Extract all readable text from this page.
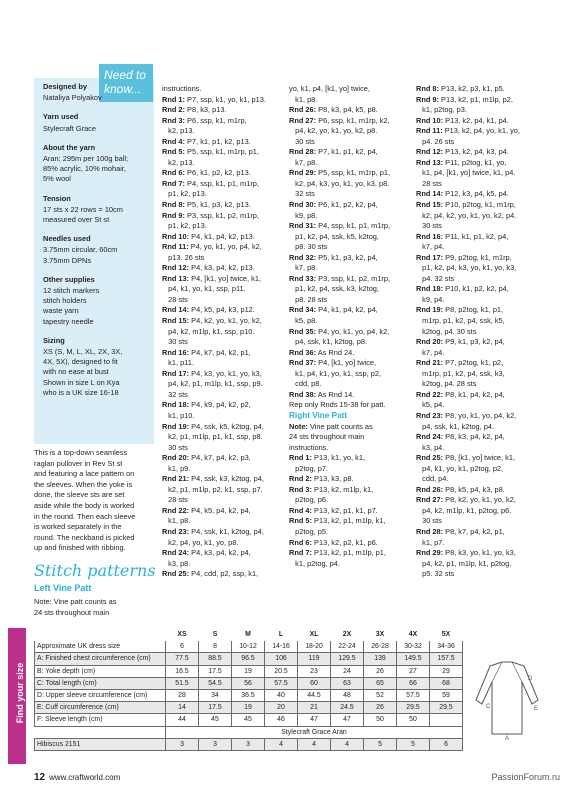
Need to
know...
Designed by

Nataliya Polyakov

Yarn used

Stylecraft Grace

About the yarn

Aran; 295m per 100g ball;
85% acrylic, 10% mohair,
5% wool

Tension

17 sts x 22 rows = 10cm
measured over St st

Needles used

3.75mm circular, 60cm
3.75mm DPNs

Other supplies

12 stitch markers
stitch holders
waste yarn
tapestry needle

Sizing

XS (S, M, L, XL, 2X, 3X,
4X, 5X), designed to fit
with no ease at bust
Shown in size L on Kya
who is a UK size 16-18

This is a top-down seamless
raglan pullover in Rev St st
and featuring a lace pattern on
the sleeves. When the yoke is
done, the sleeve sts are set
aside while the body is worked
in the round. Then each sleeve
is worked separately in the
round. The neckband is picked
up and finished with ribbing.
Stitch patterns
Left Vine Patt
Note: Vine patt counts as
24 sts throughout main
instructions.
Rnd 1: P7, ssp, k1, yo, k1, p13.
Rnd 2: P8, k3, p13.
Rnd 3: P6, ssp, k1, m1rp,
k2, p13.
Rnd 4: P7, k1, p1, k2, p13.
Rnd 5: P5, ssp, k1, m1rp, p1,
k2, p13.
Rnd 6: P6, k1, p2, k2, p13.
Rnd 7: P4, ssp, k1, p1, m1rp,
p1, k2, p13.
Rnd 8: P5, k1, p3, k2, p13.
Rnd 9: P3, ssp, k1, p2, m1rp,
p1, k2, p13.
Rnd 10: P4, k1, p4, k2, p13.
Rnd 11: P4, yo, k1, yo, p4, k2,
p13. 26 sts
Rnd 12: P4, k3, p4, k2, p13.
Rnd 13: P4, [k1, yo] twice, k1,
p4, k1, yo, k1, ssp, p11.
28 sts
Rnd 14: P4, k5, p4, k3, p12.
Rnd 15: P4, k2, yo, k1, yo, k2,
p4, k2, m1lp, k1, ssp, p10.
30 sts
Rnd 16: P4, k7, p4, k2, p1,
k1, p11.
Rnd 17: P4, k3, yo, k1, yo, k3,
p4, k2, p1, m1lp, k1, ssp, p9.
32 sts
Rnd 18: P4, k9, p4, k2, p2,
k1, p10.
Rnd 19: P4, ssk, k5, k2tog, p4,
k2, p1, m1lp, p1, k1, ssp, p8.
30 sts
Rnd 20: P4, k7, p4, k2, p3,
k1, p9.
Rnd 21: P4, ssk, k3, k2tog, p4,
k2, p1, m1lp, p2, k1, ssp, p7.
28 sts
Rnd 22: P4, k5, p4, k2, p4,
k1, p8.
Rnd 23: P4, ssk, k1, k2tog, p4,
k2, p4, yo, k1, yo, p8.
Rnd 24: P4, k3, p4, k2, p4,
k3, p8.
Rnd 25: P4, cdd, p2, ssp, k1,
yo, k1, p4, [k1, yo] twice,
k1, p8.
Rnd 26: P8, k3, p4, k5, p8.
Rnd 27: P6, ssp, k1, m1rp, k2,
p4, k2, yo, k1, yo, k2, p8.
30 sts
Rnd 28: P7, k1, p1, k2, p4,
k7, p8.
Rnd 29: P5, ssp, k1, m1rp, p1,
k2, p4, k3, yo, k1, yo, k3, p8.
32 sts
Rnd 30: P6, k1, p2, k2, p4,
k9, p8.
Rnd 31: P4, ssp, k1, p1, m1rp,
p1, k2, p4, ssk, k5, k2tog,
p8. 30 sts
Rnd 32: P5, k1, p3, k2, p4,
k7, p8.
Rnd 33: P3, ssp, k1, p2, m1rp,
p1, k2, p4, ssk, k3, k2tog,
p8. 28 sts
Rnd 34: P4, k1, p4, k2, p4,
k5, p8.
Rnd 35: P4, yo, k1, yo, p4, k2,
p4, ssk, k1, k2tog, p8.
Rnd 36: As Rnd 24.
Rnd 37: P4, [k1, yo] twice,
k1, p4, k1, yo, k1, ssp, p2,
cdd, p8.
Rnd 38: As Rnd 14.
Rep only Rnds 15-38 for patt.
Right Vine Patt
Note: Vine patt counts as
24 sts throughout main
instructions.
Rnd 1: P13, k1, yo, k1,
p2tog, p7.
Rnd 2: P13, k3, p8.
Rnd 3: P13, k2, m1lp, k1,
p2tog, p6.
Rnd 4: P13, k2, p1, k1, p7.
Rnd 5: P13, k2, p1, m1lp, k1,
p2tog, p5.
Rnd 6: P13, k2, p2, k1, p6.
Rnd 7: P13, k2, p1, m1lp, p1,
k1, p2tog, p4.
Rnd 8: P13, k2, p3, k1, p5.
Rnd 9: P13, k2, p1, m1lp, p2,
k1, p2tog, p3.
Rnd 10: P13, k2, p4, k1, p4.
Rnd 11: P13, k2, p4, yo, k1, yo,
p4. 26 sts
Rnd 12: P13, k2, p4, k3, p4.
Rnd 13: P11, p2tog, k1, yo,
k1, p4, [k1, yo] twice, k1, p4.
28 sts
Rnd 14: P12, k3, p4, k5, p4.
Rnd 15: P10, p2tog, k1, m1rp,
k2, p4, k2, yo, k1, yo, k2, p4.
30 sts
Rnd 16: P11, k1, p1, k2, p4,
k7, p4.
Rnd 17: P9, p2tog, k1, m1rp,
p1, k2, p4, k3, yo, k1, yo, k3,
p4. 32 sts
Rnd 18: P10, k1, p2, k2, p4,
k9, p4.
Rnd 19: P8, p2tog, k1, p1,
m1rp, p1, k2, p4, ssk, k5,
k2tog, p4. 30 sts
Rnd 20: P9, k1, p3, k2, p4,
k7, p4.
Rnd 21: P7, p2tog, k1, p2,
m1rp, p1, k2, p4, ssk, k3,
k2tog, p4. 28 sts
Rnd 22: P8, k1, p4, k2, p4,
k5, p4.
Rnd 23: P8, yo, k1, yo, p4, k2,
p4, ssk, k1, k2tog, p4.
Rnd 24: P8, k3, p4, k2, p4,
k3, p4.
Rnd 25: P8, [k1, yo] twice, k1,
p4, k1, yo, k1, p2tog, p2,
cdd, p4.
Rnd 26: P8, k5, p4, k3, p8.
Rnd 27: P8, k2, yo, k1, yo, k2,
p4, k2, m1lp, k1, p2tog, p6.
30 sts
Rnd 28: P8, k7, p4, k2, p1,
k1, p7.
Rnd 29: P8, k3, yo, k1, yo, k3,
p4, k2, p1, m1lp, k1, p2tog,
p5. 32 sts
Find your size
	XS	S	M	L	XL	2X	3X	4X	5X
Approximate UK dress size	6	8	10-12	14-16	18-20	22-24	26-28	30-32	34-36
A: Finished chest circumference (cm)	77.5	88.5	96.5	106	119	129.5	139	149.5	157.5
B: Yoke depth (cm)	16.5	17.5	19	20.5	23	24	26	27	29
C: Total length (cm)	51.5	54.5	56	57.5	60	63	65	66	68
D: Upper sleeve circumference (cm)	28	34	36.5	40	44.5	48	52	57.5	59
E: Cuff circumference (cm)	14	17.5	19	20	21	24.5	26	29.5	29.5
F: Sleeve length (cm)	44	45	45	46	47	47	50	50	
	Stylecraft Grace Aran								
Hibiscus 2151	3	3	3	4	4	4	5	5	6
A
C
D
E
12 www.craftworld.com	PassionForum.ru
